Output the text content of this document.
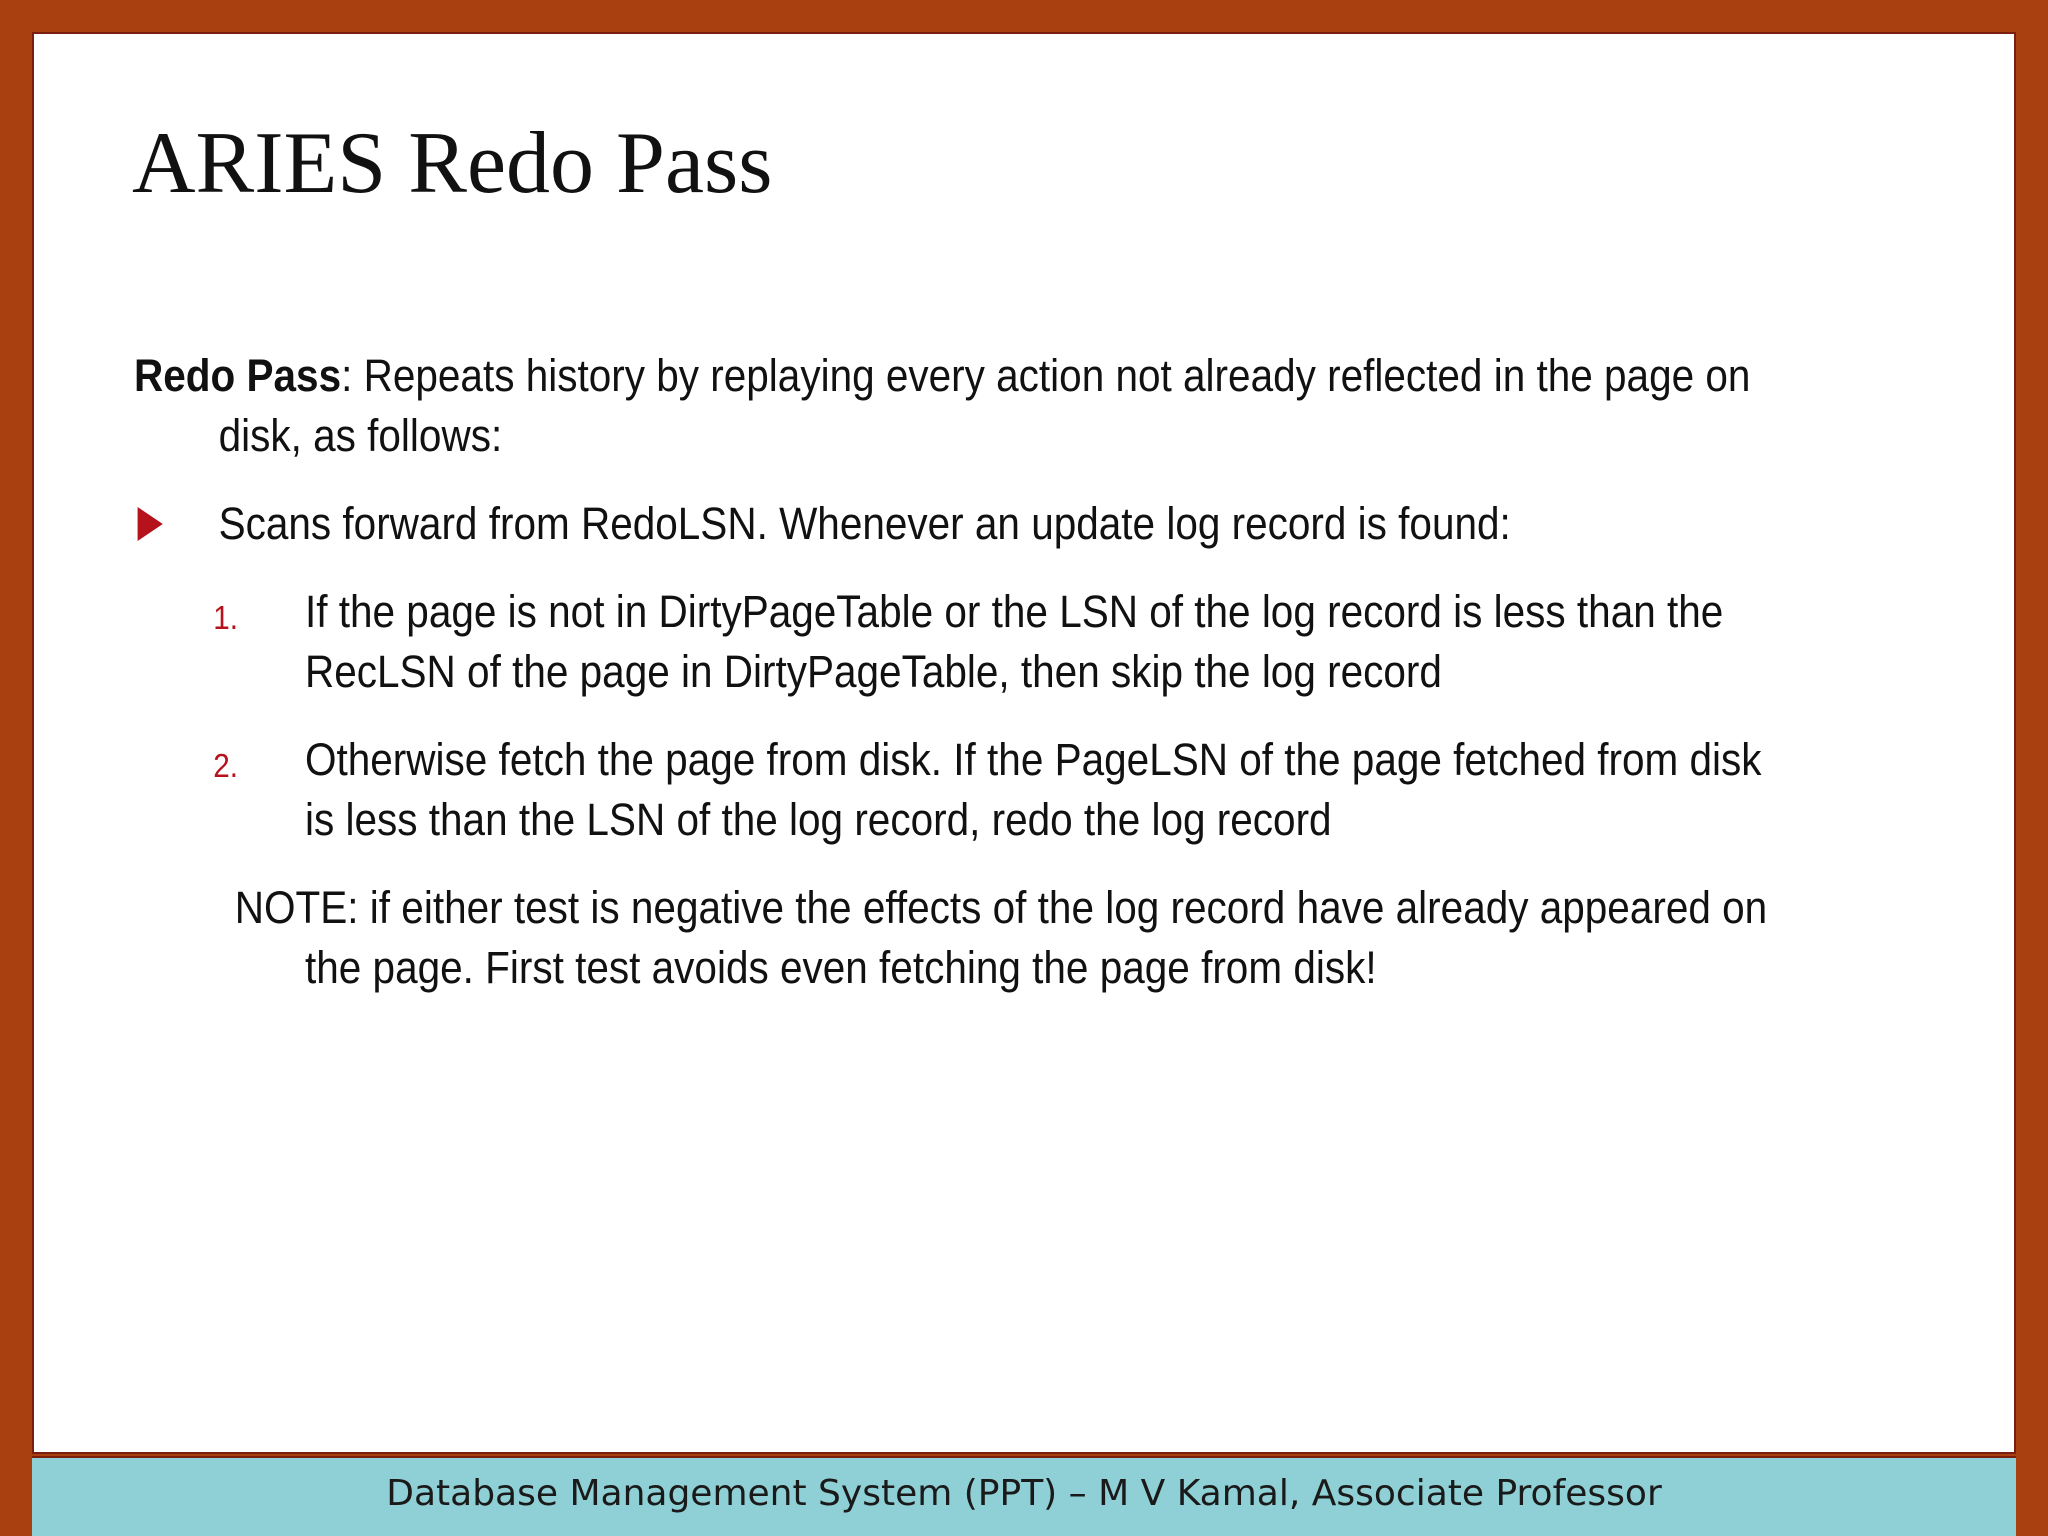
ARIES Redo Pass

Redo Pass: Repeats history by replaying every action not already reflected in the page on disk, as follows:

Scans forward from RedoLSN. Whenever an update log record is found:
1. If the page is not in DirtyPageTable or the LSN of the log record is less than the RecLSN of the page in DirtyPageTable, then skip the log record
2. Otherwise fetch the page from disk. If the PageLSN of the page fetched from disk is less than the LSN of the log record, redo the log record

NOTE: if either test is negative the effects of the log record have already appeared on the page. First test avoids even fetching the page from disk!

Database Management System (PPT) – M V Kamal, Associate Professor
